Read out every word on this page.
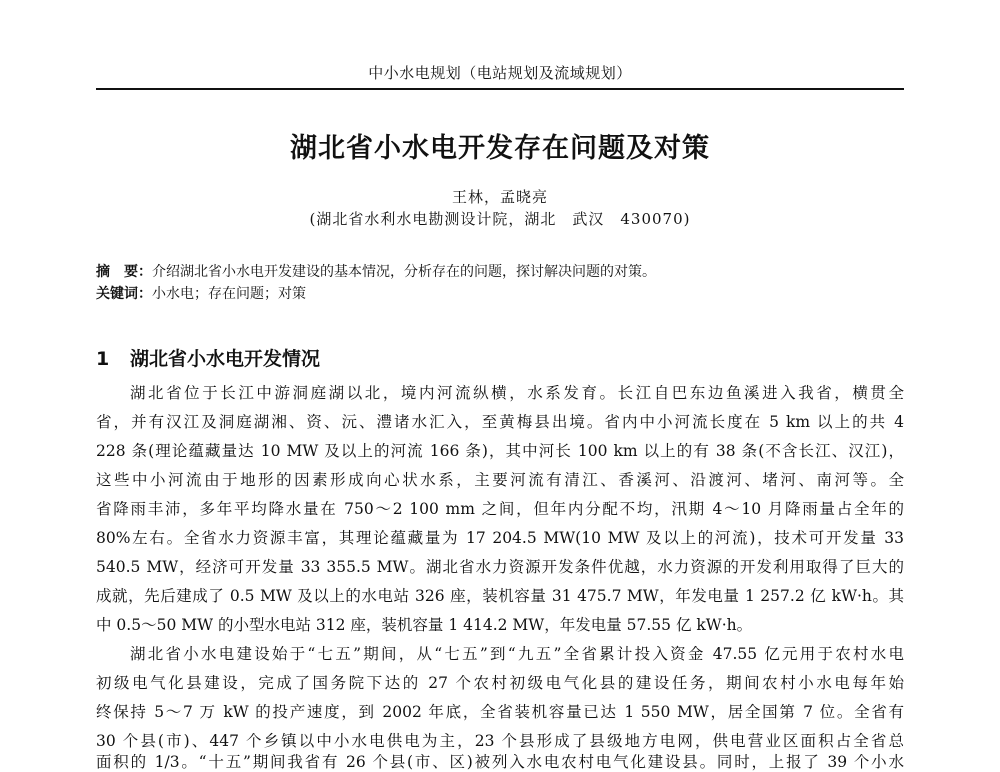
中小水电规划（电站规划及流域规划）
湖北省小水电开发存在问题及对策
王林，孟晓亮
(湖北省水利水电勘测设计院，湖北　武汉　430070)
摘　要：介绍湖北省小水电开发建设的基本情况，分析存在的问题，探讨解决问题的对策。
关键词：小水电；存在问题；对策
1 湖北省小水电开发情况
湖北省位于长江中游洞庭湖以北，境内河流纵横，水系发育。长江自巴东边鱼溪进入我省，横贯全
省，并有汉江及洞庭湖湘、资、沅、澧诸水汇入，至黄梅县出境。省内中小河流长度在 5 km 以上的共 4
228 条(理论蕴藏量达 10 MW 及以上的河流 166 条)，其中河长 100 km 以上的有 38 条(不含长江、汉江)，
这些中小河流由于地形的因素形成向心状水系，主要河流有清江、香溪河、沿渡河、堵河、南河等。全
省降雨丰沛，多年平均降水量在 750～2 100 mm 之间，但年内分配不均，汛期 4～10 月降雨量占全年的
80%左右。全省水力资源丰富，其理论蕴藏量为 17 204.5 MW(10 MW 及以上的河流)，技术可开发量 33
540.5 MW，经济可开发量 33 355.5 MW。湖北省水力资源开发条件优越，水力资源的开发利用取得了巨大的
成就，先后建成了 0.5 MW 及以上的水电站 326 座，装机容量 31 475.7 MW，年发电量 1 257.2 亿 kW·h。其
中 0.5～50 MW 的小型水电站 312 座，装机容量 1 414.2 MW，年发电量 57.55 亿 kW·h。
湖北省小水电建设始于“七五”期间，从“七五”到“九五”全省累计投入资金 47.55 亿元用于农村水电
初级电气化县建设，完成了国务院下达的 27 个农村初级电气化县的建设任务，期间农村小水电每年始
终保持 5～7 万 kW 的投产速度，到 2002 年底，全省装机容量已达 1 550 MW，居全国第 7 位。全省有
30 个县(市)、447 个乡镇以中小水电供电为主，23 个县形成了县级地方电网，供电营业区面积占全省总
面积的 1/3。“十五”期间我省有 26 个县(市、区)被列入水电农村电气化建设县。同时，上报了 39 个小水
